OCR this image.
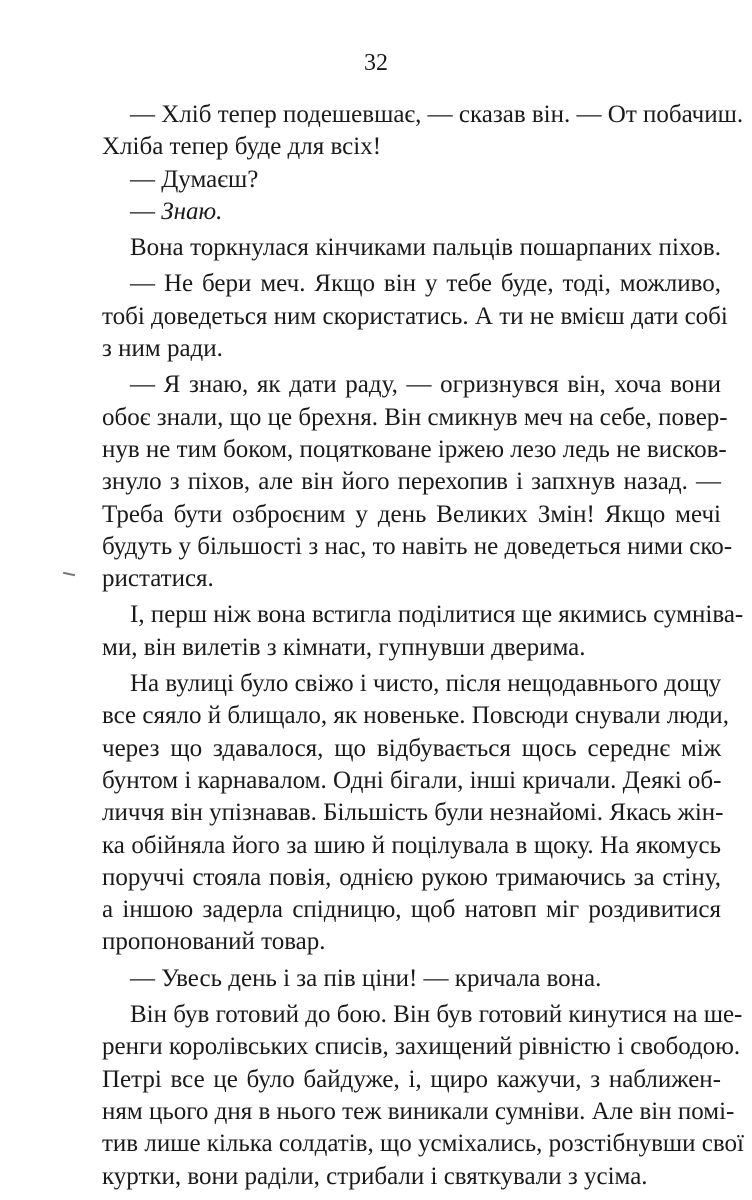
32
— Хліб тепер подешевшає, — сказав він. — От побачиш.
Хліба тепер буде для всіх!
— Думаєш?
— Знаю.
Вона торкнулася кінчиками пальців пошарпаних піхов.
— Не бери меч. Якщо він у тебе буде, тоді, можливо,
тобі доведеться ним скористатись. А ти не вмієш дати собі
з ним ради.
— Я знаю, як дати раду, — огризнувся він, хоча вони
обоє знали, що це брехня. Він смикнув меч на себе, повер-
нув не тим боком, поцятковане іржею лезо ледь не висков-
знуло з піхов, але він його перехопив і запхнув назад. —
Треба бути озброєним у день Великих Змін! Якщо мечі
будуть у більшості з нас, то навіть не доведеться ними ско-
ристатися.
І, перш ніж вона встигла поділитися ще якимись сумніва-
ми, він вилетів з кімнати, гупнувши дверима.
На вулиці було свіжо і чисто, після нещодавнього дощу
все сяяло й блищало, як новеньке. Повсюди снували люди,
через що здавалося, що відбувається щось середнє між
бунтом і карнавалом. Одні бігали, інші кричали. Деякі об-
личчя він упізнавав. Більшість були незнайомі. Якась жін-
ка обійняла його за шию й поцілувала в щоку. На якомусь
поруччі стояла повія, однією рукою тримаючись за стіну,
а іншою задерла спідницю, щоб натовп міг роздивитися
пропонований товар.
— Увесь день і за пів ціни! — кричала вона.
Він був готовий до бою. Він був готовий кинутися на ше-
ренги королівських списів, захищений рівністю і свободою.
Петрі все це було байдуже, і, щиро кажучи, з наближен-
ням цього дня в нього теж виникали сумніви. Але він помі-
тив лише кілька солдатів, що усміхались, розстібнувши свої
куртки, вони раділи, стрибали і святкували з усіма.
